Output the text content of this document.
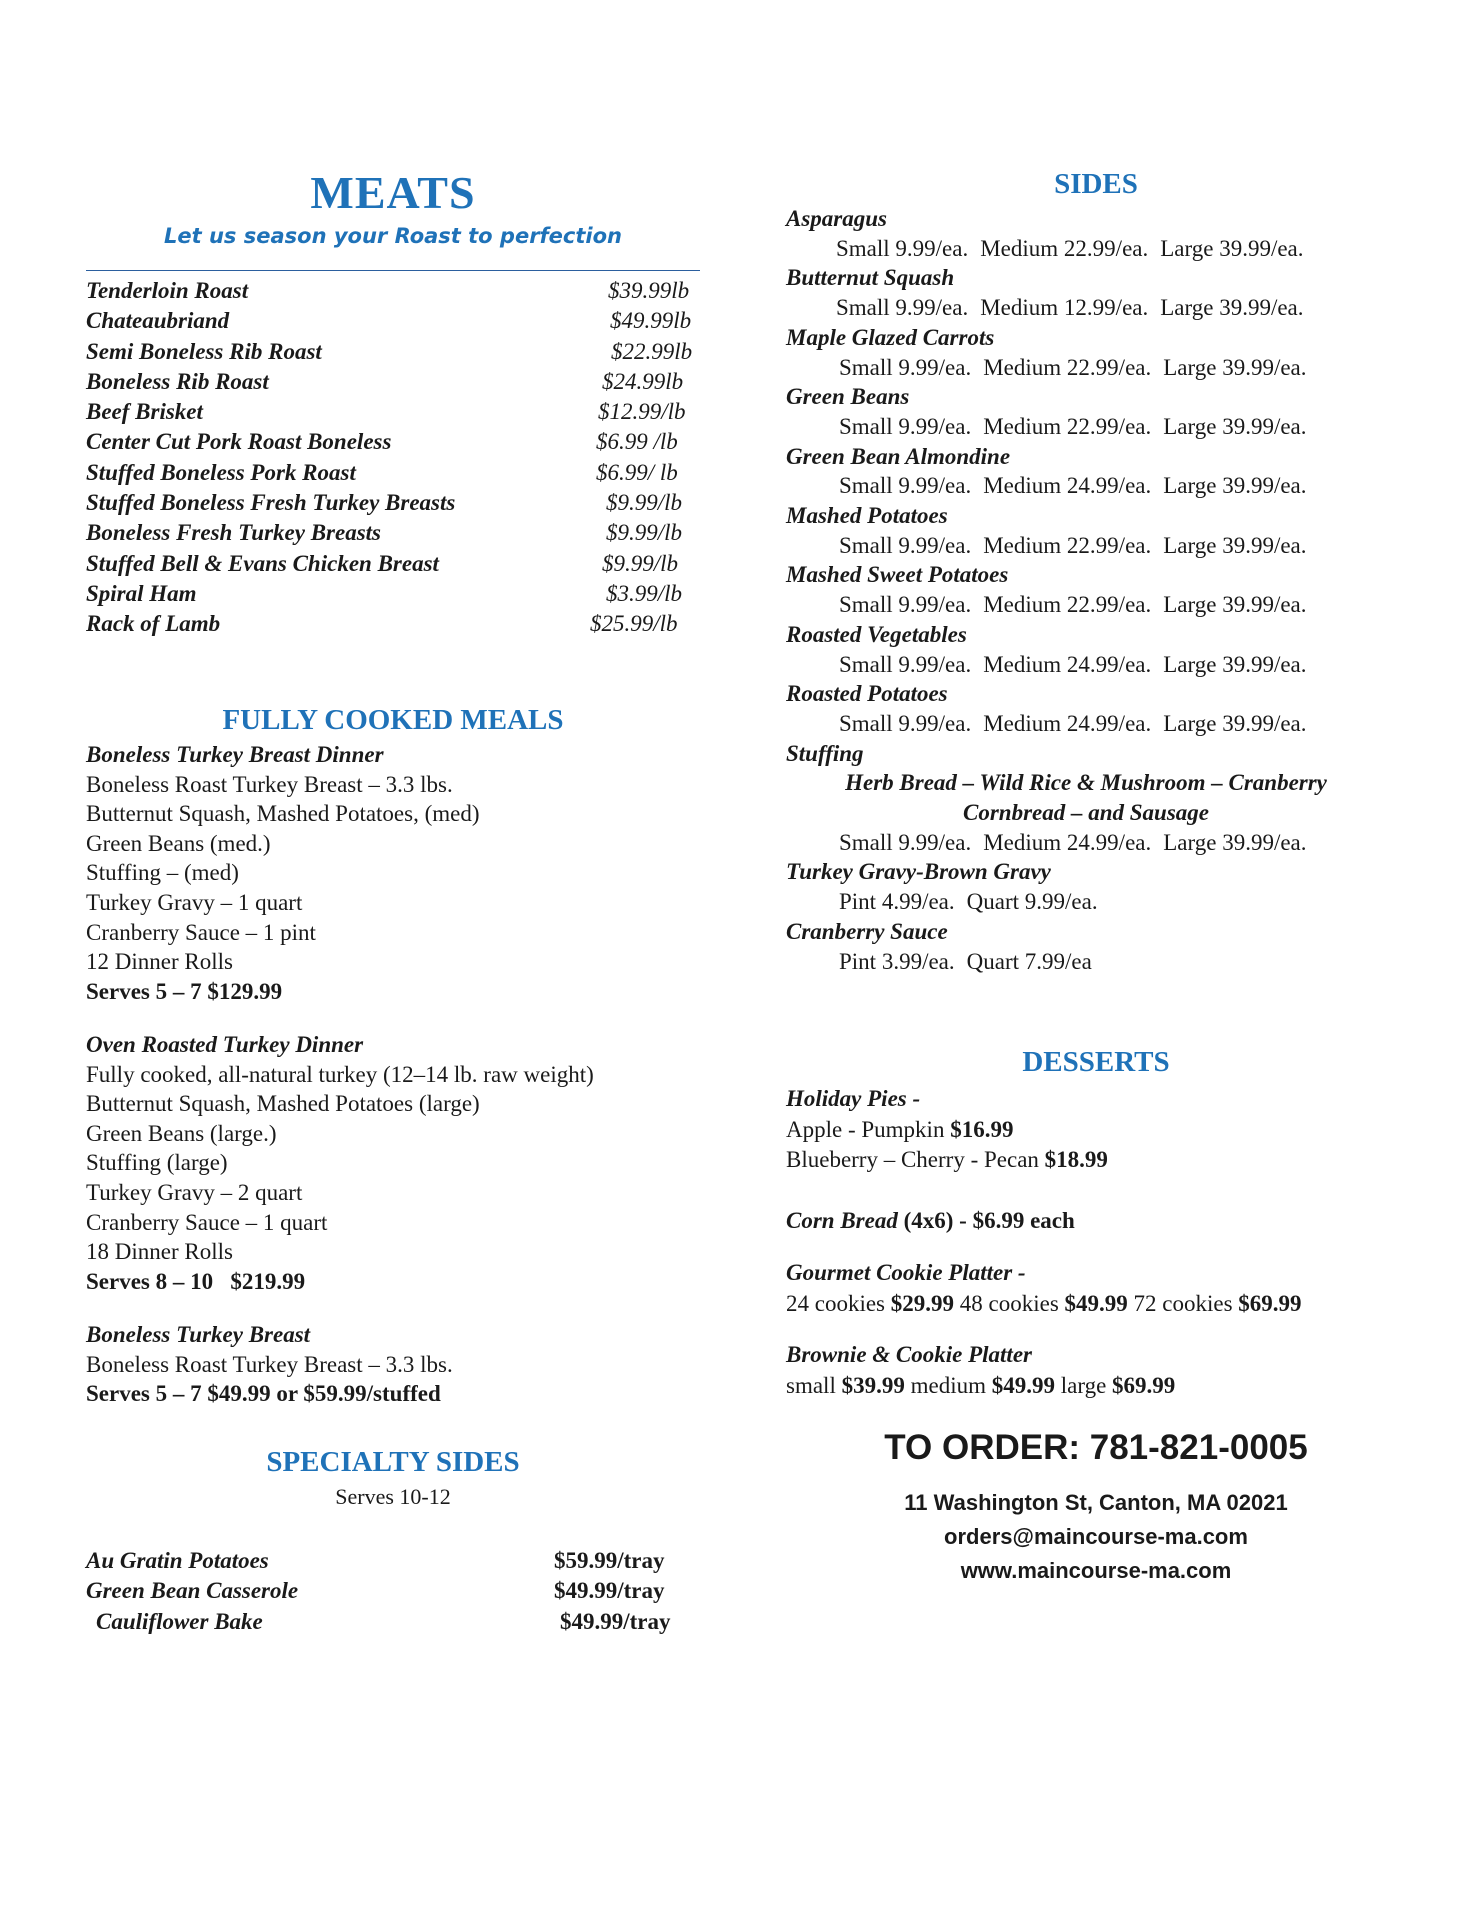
MEATS
Let us season your Roast to perfection
Tenderloin Roast	$39.99lb
Chateaubriand	$49.99lb
Semi Boneless Rib Roast	$22.99lb
Boneless Rib Roast	$24.99lb
Beef Brisket	$12.99/lb
Center Cut Pork Roast Boneless	$6.99 /lb
Stuffed Boneless Pork Roast	$6.99/ lb
Stuffed Boneless Fresh Turkey Breasts	$9.99/lb
Boneless Fresh Turkey Breasts	$9.99/lb
Stuffed Bell & Evans Chicken Breast	$9.99/lb
Spiral Ham	$3.99/lb
Rack of Lamb	$25.99/lb
FULLY COOKED MEALS
Boneless Turkey Breast Dinner
Boneless Roast Turkey Breast – 3.3 lbs.
Butternut Squash, Mashed Potatoes, (med)
Green Beans (med.)
Stuffing – (med)
Turkey Gravy – 1 quart
Cranberry Sauce – 1 pint
12 Dinner Rolls
Serves 5 – 7 $129.99
Oven Roasted Turkey Dinner
Fully cooked, all-natural turkey (12–14 lb. raw weight)
Butternut Squash, Mashed Potatoes (large)
Green Beans (large.)
Stuffing (large)
Turkey Gravy – 2 quart
Cranberry Sauce – 1 quart
18 Dinner Rolls
Serves 8 – 10   $219.99
Boneless Turkey Breast
Boneless Roast Turkey Breast – 3.3 lbs.
Serves 5 – 7 $49.99 or $59.99/stuffed
SPECIALTY SIDES
Serves 10-12
Au Gratin Potatoes	$59.99/tray
Green Bean Casserole	$49.99/tray
Cauliflower Bake	$49.99/tray
SIDES
Asparagus
Small 9.99/ea. Medium 22.99/ea. Large 39.99/ea.
Butternut Squash
Small 9.99/ea. Medium 12.99/ea. Large 39.99/ea.
Maple Glazed Carrots
Small 9.99/ea. Medium 22.99/ea. Large 39.99/ea.
Green Beans
Small 9.99/ea. Medium 22.99/ea. Large 39.99/ea.
Green Bean Almondine
Small 9.99/ea. Medium 24.99/ea. Large 39.99/ea.
Mashed Potatoes
Small 9.99/ea. Medium 22.99/ea. Large 39.99/ea.
Mashed Sweet Potatoes
Small 9.99/ea. Medium 22.99/ea. Large 39.99/ea.
Roasted Vegetables
Small 9.99/ea. Medium 24.99/ea. Large 39.99/ea.
Roasted Potatoes
Small 9.99/ea. Medium 24.99/ea. Large 39.99/ea.
Stuffing
Herb Bread – Wild Rice & Mushroom – Cranberry
Cornbread – and Sausage
Small 9.99/ea. Medium 24.99/ea. Large 39.99/ea.
Turkey Gravy-Brown Gravy
Pint 4.99/ea. Quart 9.99/ea.
Cranberry Sauce
Pint 3.99/ea. Quart 7.99/ea
DESSERTS
Holiday Pies -
Apple - Pumpkin $16.99
Blueberry – Cherry - Pecan $18.99
Corn Bread (4x6) - $6.99 each
Gourmet Cookie Platter -
24 cookies $29.99 48 cookies $49.99 72 cookies $69.99
Brownie & Cookie Platter
small $39.99 medium $49.99 large $69.99
TO ORDER: 781-821-0005
11 Washington St, Canton, MA 02021
orders@maincourse-ma.com
www.maincourse-ma.com
